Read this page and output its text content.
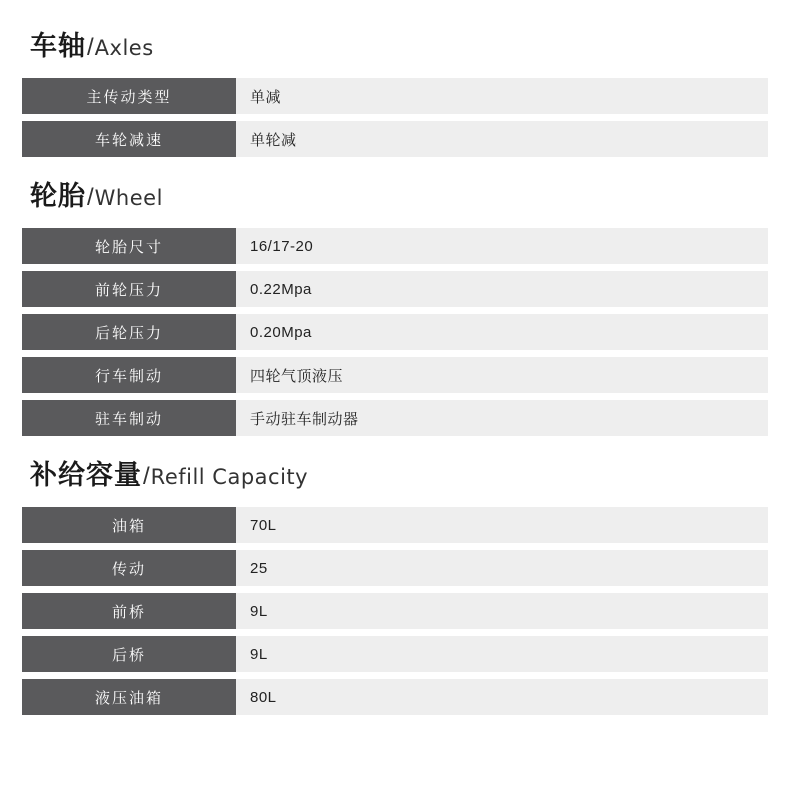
车轴 / Axles
主传动类型	单减
车轮减速	单轮减
轮胎 / Wheel
轮胎尺寸	16/17-20
前轮压力	0.22Mpa
后轮压力	0.20Mpa
行车制动	四轮气顶液压
驻车制动	手动驻车制动器
补给容量 / Refill Capacity
油箱	70L
传动	25
前桥	9L
后桥	9L
液压油箱	80L
